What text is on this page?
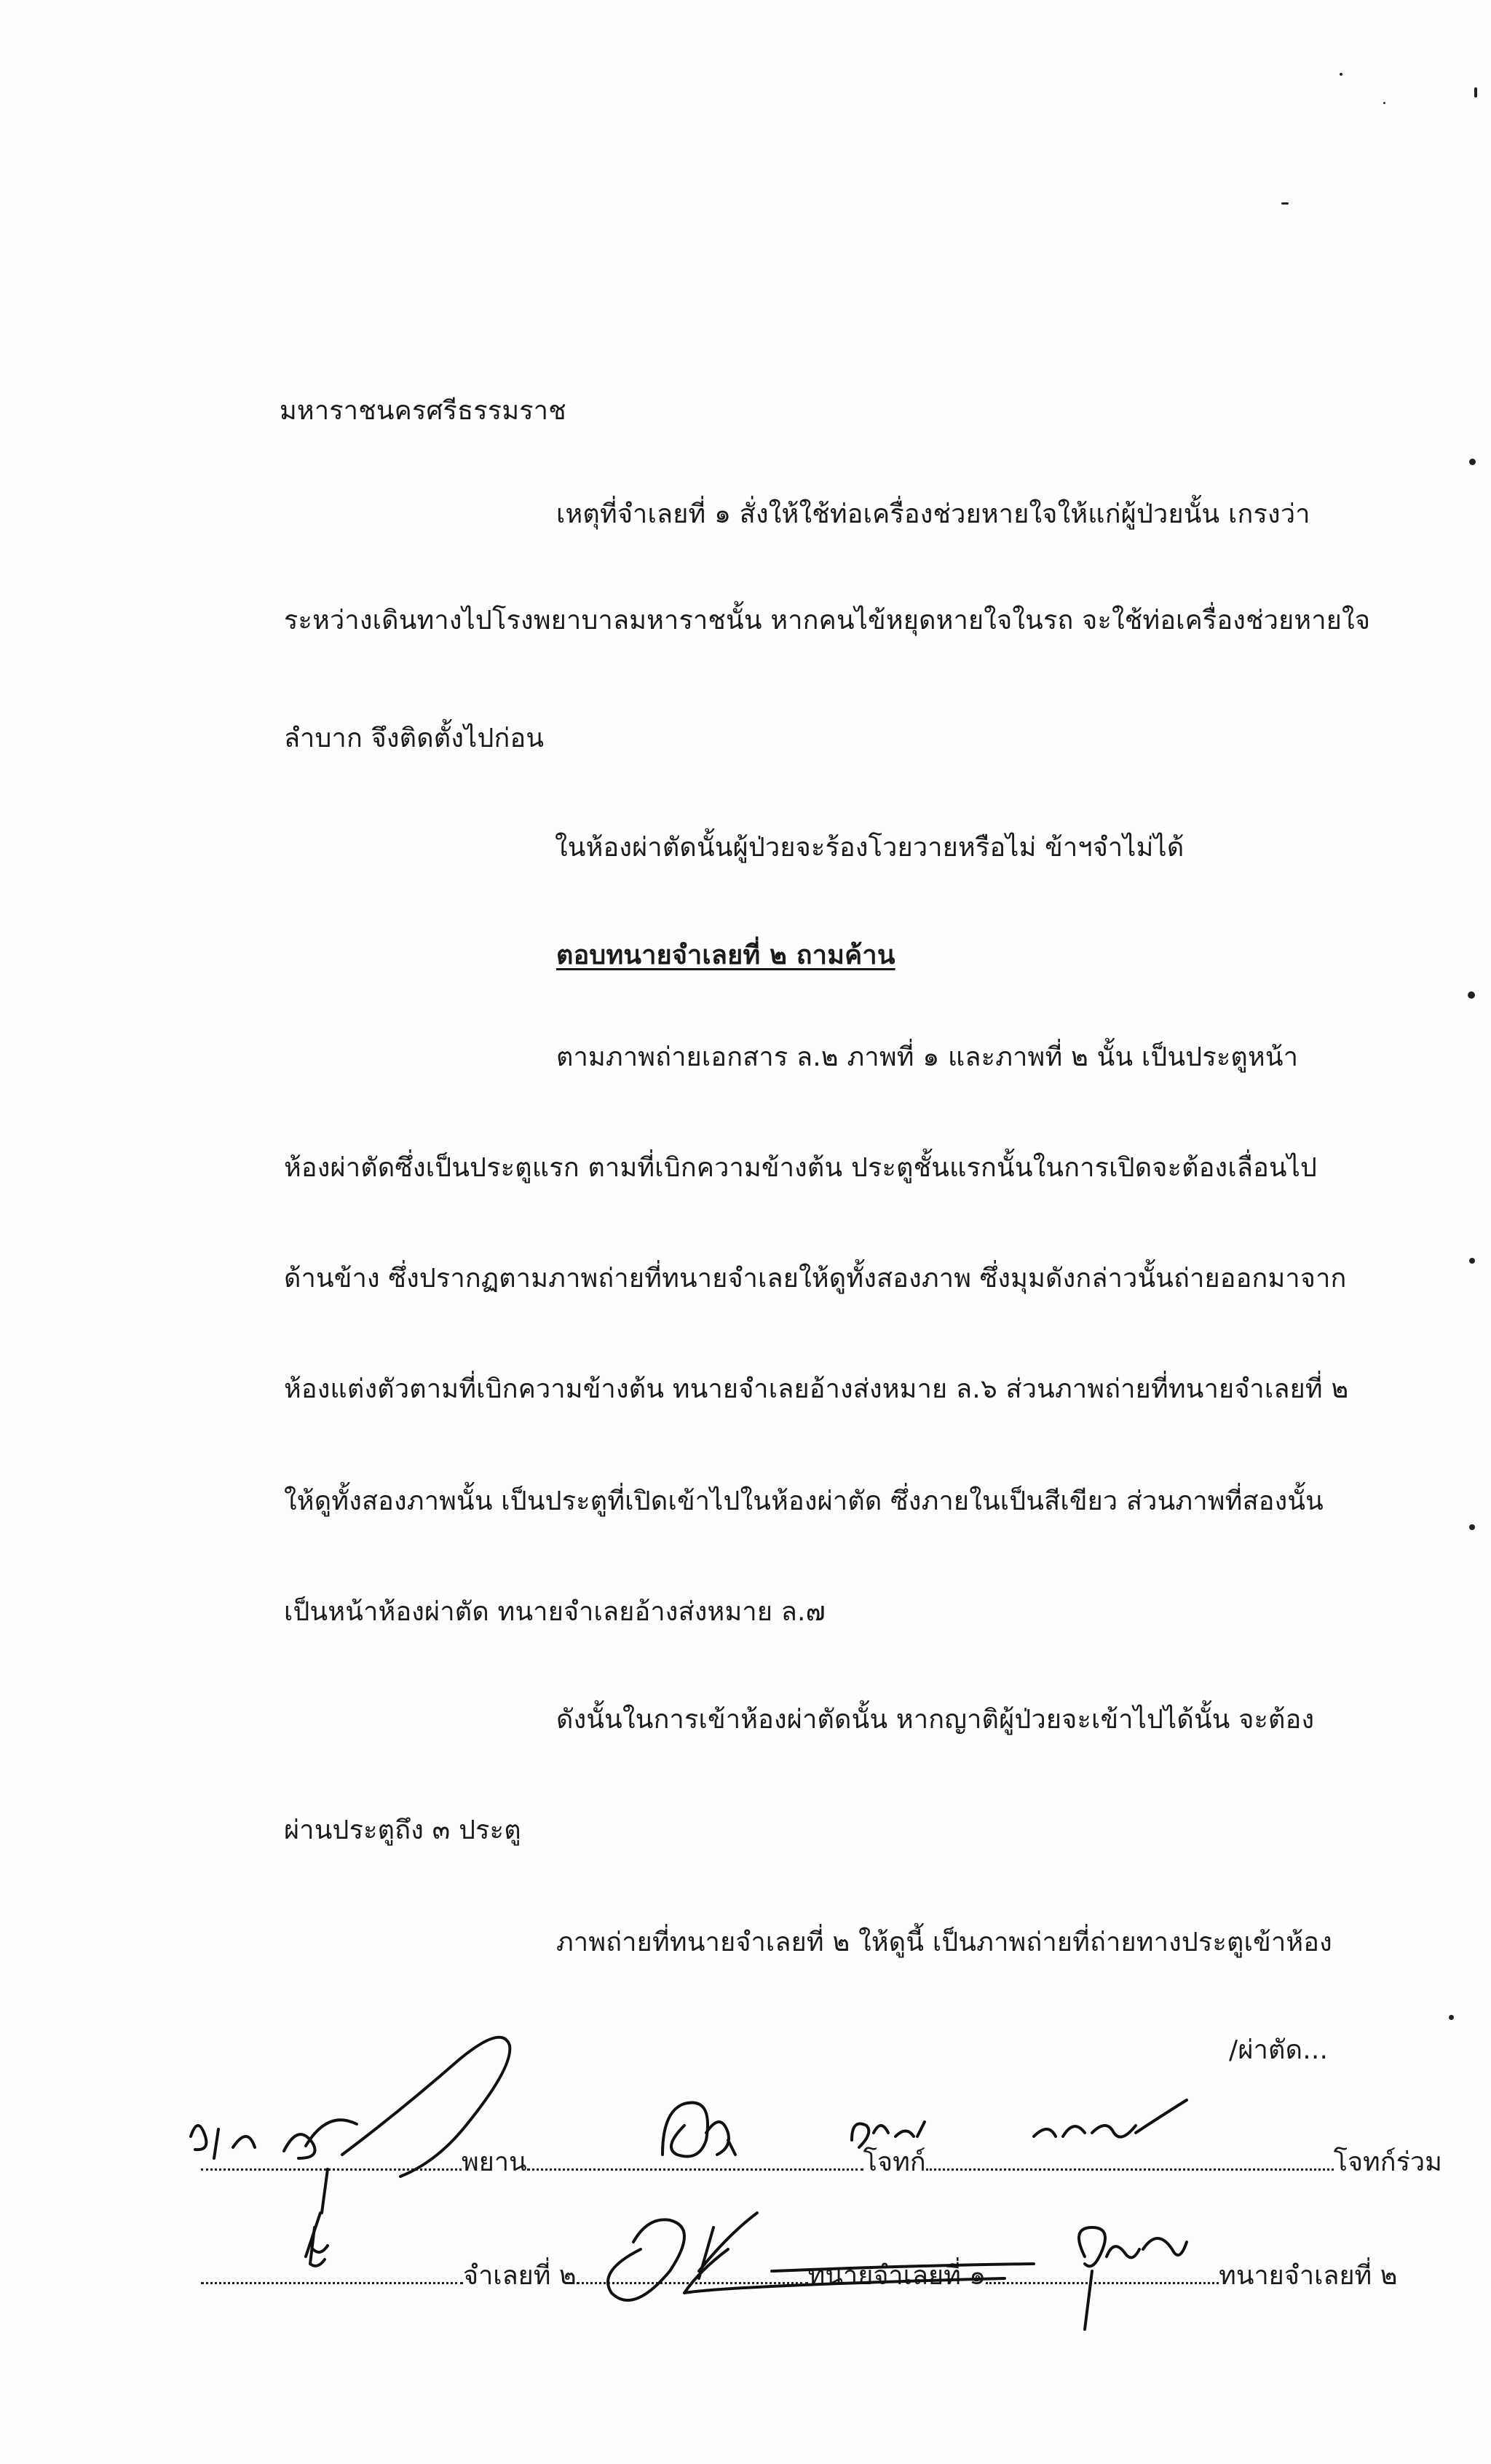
มหาราชนครศรีธรรมราช
เหตุที่จำเลยที่ ๑ สั่งให้ใช้ท่อเครื่องช่วยหายใจให้แก่ผู้ป่วยนั้น เกรงว่า
ระหว่างเดินทางไปโรงพยาบาลมหาราชนั้น หากคนไข้หยุดหายใจในรถ จะใช้ท่อเครื่องช่วยหายใจ
ลำบาก จึงติดตั้งไปก่อน
ในห้องผ่าตัดนั้นผู้ป่วยจะร้องโวยวายหรือไม่ ข้าฯจำไม่ได้
ตอบทนายจำเลยที่ ๒ ถามค้าน
ตามภาพถ่ายเอกสาร ล.๒ ภาพที่ ๑ และภาพที่ ๒ นั้น เป็นประตูหน้า
ห้องผ่าตัดซึ่งเป็นประตูแรก ตามที่เบิกความข้างต้น ประตูชั้นแรกนั้นในการเปิดจะต้องเลื่อนไป
ด้านข้าง ซึ่งปรากฏตามภาพถ่ายที่ทนายจำเลยให้ดูทั้งสองภาพ ซึ่งมุมดังกล่าวนั้นถ่ายออกมาจาก
ห้องแต่งตัวตามที่เบิกความข้างต้น ทนายจำเลยอ้างส่งหมาย ล.๖ ส่วนภาพถ่ายที่ทนายจำเลยที่ ๒
ให้ดูทั้งสองภาพนั้น เป็นประตูที่เปิดเข้าไปในห้องผ่าตัด ซึ่งภายในเป็นสีเขียว ส่วนภาพที่สองนั้น
เป็นหน้าห้องผ่าตัด ทนายจำเลยอ้างส่งหมาย ล.๗
ดังนั้นในการเข้าห้องผ่าตัดนั้น หากญาติผู้ป่วยจะเข้าไปได้นั้น จะต้อง
ผ่านประตูถึง ๓ ประตู
ภาพถ่ายที่ทนายจำเลยที่ ๒ ให้ดูนี้ เป็นภาพถ่ายที่ถ่ายทางประตูเข้าห้อง
/ผ่าตัด...
พยาน	โจทก์	โจทก์ร่วม
จำเลยที่ ๒	ทนายจำเลยที่ ๑	ทนายจำเลยที่ ๒
